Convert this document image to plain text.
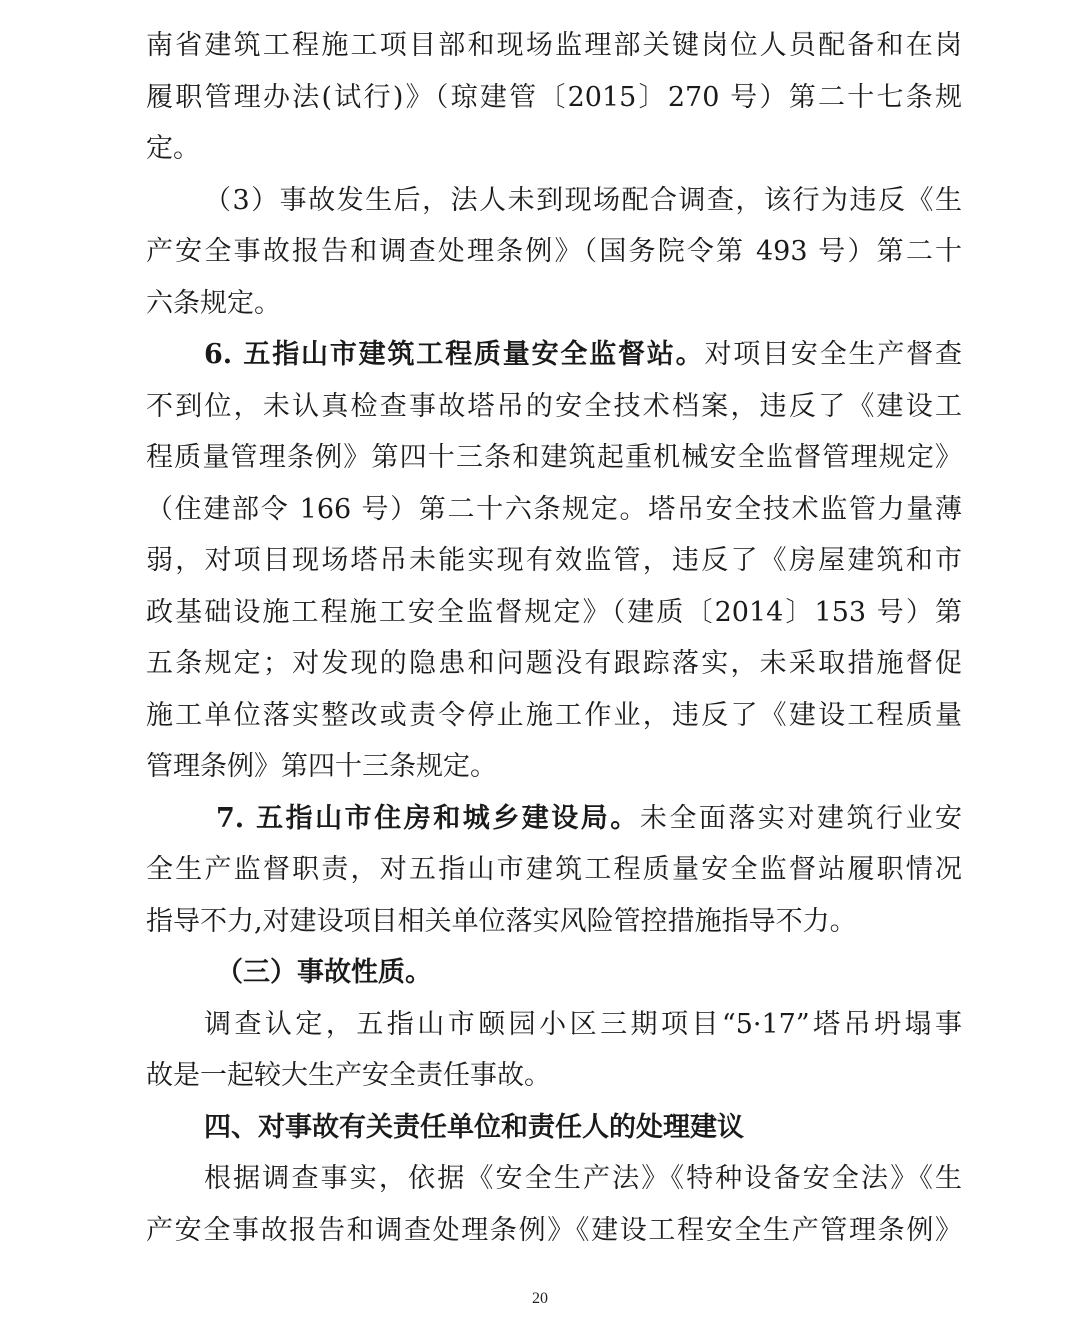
南省建筑工程施工项目部和现场监理部关键岗位人员配备和在岗
履职管理办法(试行)》（琼建管〔2015〕270 号）第二十七条规
定。
（3）事故发生后，法人未到现场配合调查，该行为违反《生
产安全事故报告和调查处理条例》（国务院令第 493 号）第二十
六条规定。
6. 五指山市建筑工程质量安全监督站。对项目安全生产督查
不到位，未认真检查事故塔吊的安全技术档案，违反了《建设工
程质量管理条例》第四十三条和建筑起重机械安全监督管理规定》
（住建部令 166 号）第二十六条规定。塔吊安全技术监管力量薄
弱，对项目现场塔吊未能实现有效监管，违反了《房屋建筑和市
政基础设施工程施工安全监督规定》（建质〔2014〕153 号）第
五条规定；对发现的隐患和问题没有跟踪落实，未采取措施督促
施工单位落实整改或责令停止施工作业，违反了《建设工程质量
管理条例》第四十三条规定。
7. 五指山市住房和城乡建设局。未全面落实对建筑行业安
全生产监督职责，对五指山市建筑工程质量安全监督站履职情况
指导不力,对建设项目相关单位落实风险管控措施指导不力。
（三）事故性质。
调查认定，五指山市颐园小区三期项目“5·17”塔吊坍塌事
故是一起较大生产安全责任事故。
四、对事故有关责任单位和责任人的处理建议
根据调查事实，依据《安全生产法》《特种设备安全法》《生
产安全事故报告和调查处理条例》《建设工程安全生产管理条例》
20
